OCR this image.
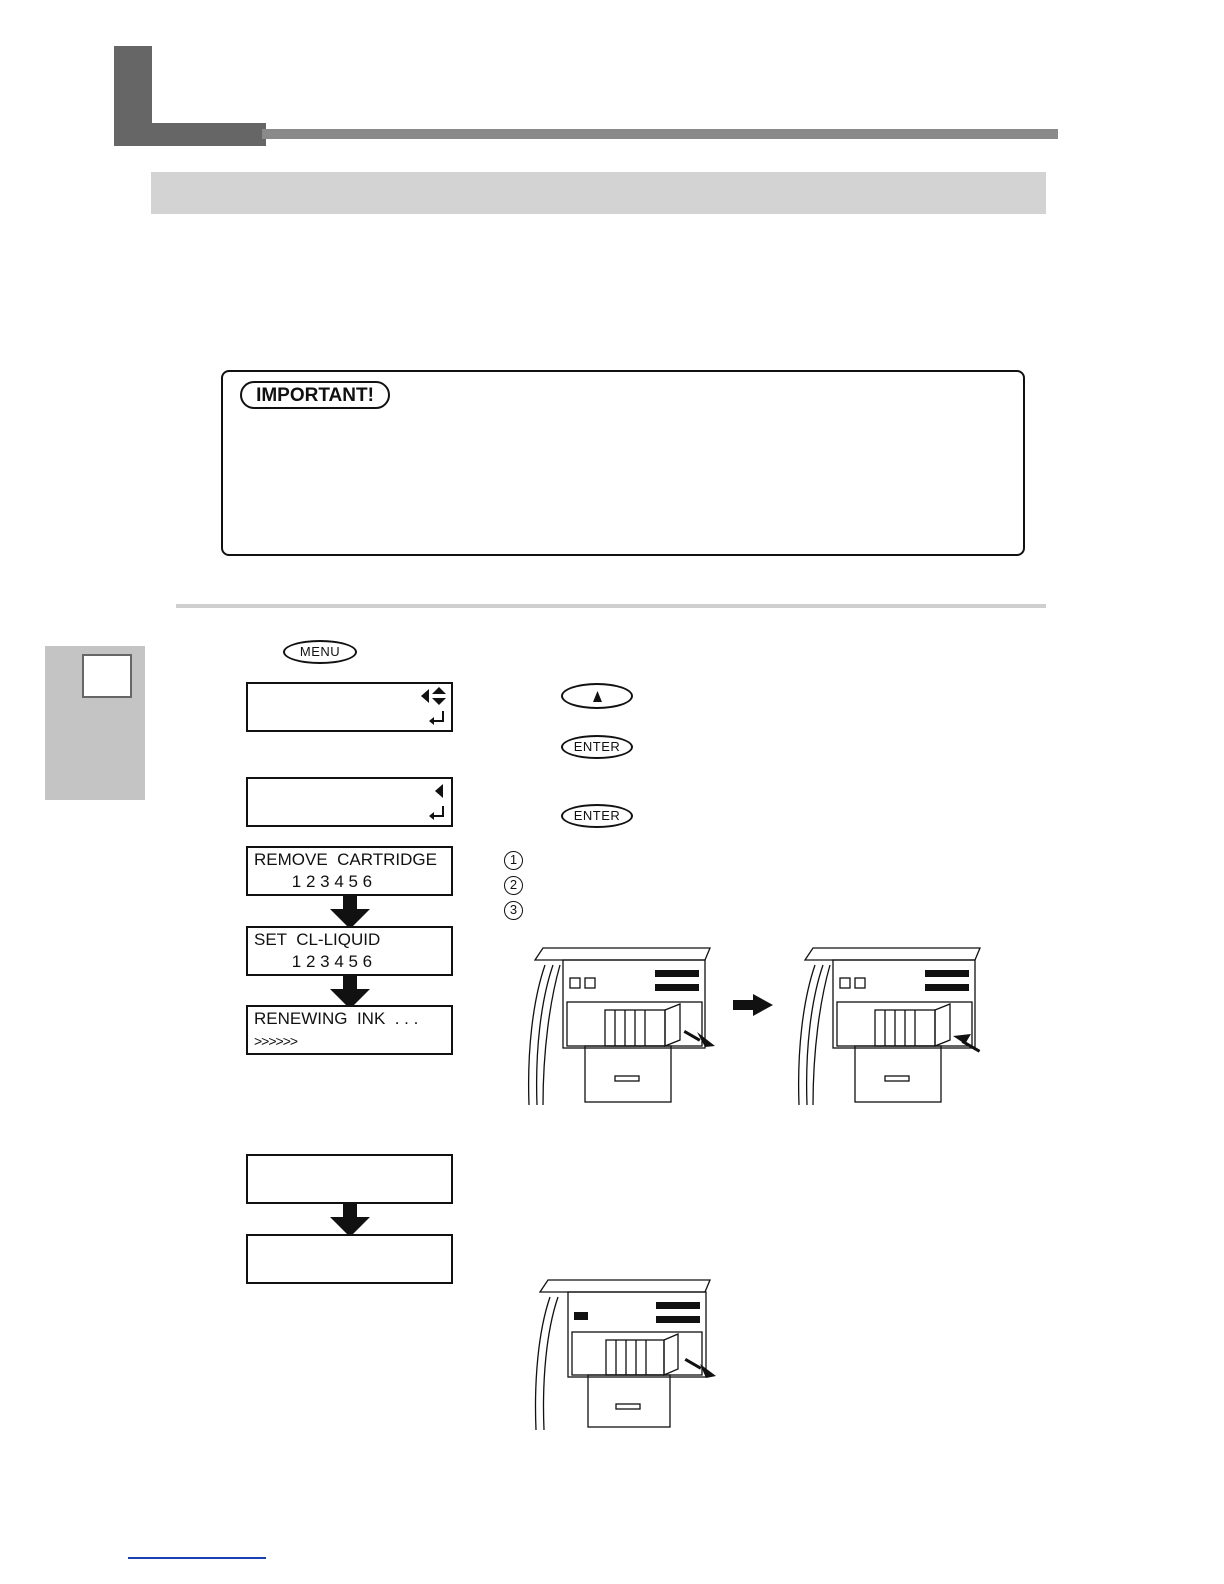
IMPORTANT!
MENU
ENTER
ENTER
REMOVE  CARTRIDGE
1 2 3 4 5 6
SET  CL-LIQUID
1 2 3 4 5 6
RENEWING  INK  . . .
>>>>>>
1
2
3
